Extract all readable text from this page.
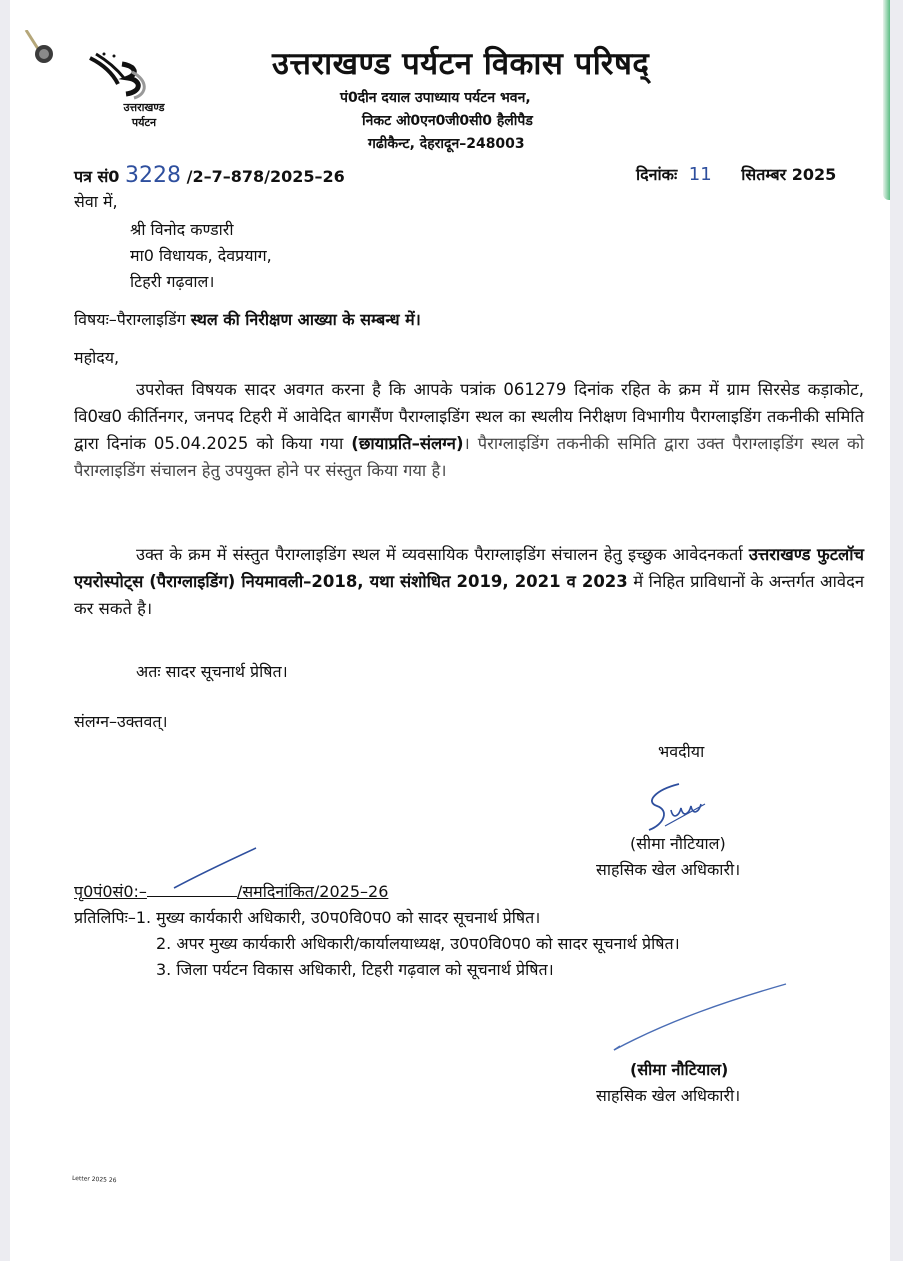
उत्तराखण्ड
पर्यटन
उत्तराखण्ड पर्यटन विकास परिषद्
पं0दीन दयाल उपाध्याय पर्यटन भवन,
निकट ओ0एन0जी0सी0 हैलीपैड
गढीकैन्ट, देहरादून–248003
पत्र सं0 3228 /2–7–878/2025–26	दिनांकः 11 सितम्बर 2025
सेवा में,
श्री विनोद कण्डारी
मा0 विधायक, देवप्रयाग,
टिहरी गढ़वाल।
विषयः–पैराग्लाइडिंग स्थल की निरीक्षण आख्या के सम्बन्ध में।
महोदय,
उपरोक्त विषयक सादर अवगत करना है कि आपके पत्रांक 061279 दिनांक रहित के क्रम में ग्राम सिरसेड कड़ाकोट, वि0ख0 कीर्तिनगर, जनपद टिहरी में आवेदित बागसैंण पैराग्लाइडिंग स्थल का स्थलीय निरीक्षण विभागीय पैराग्लाइडिंग तकनीकी समिति द्वारा दिनांक 05.04.2025 को किया गया (छायाप्रति–संलग्न)। पैराग्लाइडिंग तकनीकी समिति द्वारा उक्त पैराग्लाइडिंग स्थल को पैराग्लाइडिंग संचालन हेतु उपयुक्त होने पर संस्तुत किया गया है।
उक्त के क्रम में संस्तुत पैराग्लाइडिंग स्थल में व्यवसायिक पैराग्लाइडिंग संचालन हेतु इच्छुक आवेदनकर्ता उत्तराखण्ड फुटलॉच एयरोस्पोट्स (पैराग्लाइडिंग) नियमावली–2018, यथा संशोधित 2019, 2021 व 2023 में निहित प्राविधानों के अन्तर्गत आवेदन कर सकते है।
अतः सादर सूचनार्थ प्रेषित।
संलग्न–उक्तवत्।
भवदीया
(सीमा नौटियाल)
साहसिक खेल अधिकारी।
पृ0पं0सं0:–	/समदिनांकित/2025–26
प्रतिलिपिः–1. मुख्य कार्यकारी अधिकारी, उ0प0वि0प0 को सादर सूचनार्थ प्रेषित।
2. अपर मुख्य कार्यकारी अधिकारी/कार्यालयाध्यक्ष, उ0प0वि0प0 को सादर सूचनार्थ प्रेषित।
3. जिला पर्यटन विकास अधिकारी, टिहरी गढ़वाल को सूचनार्थ प्रेषित।
(सीमा नौटियाल)
साहसिक खेल अधिकारी।
Letter 2025 26
